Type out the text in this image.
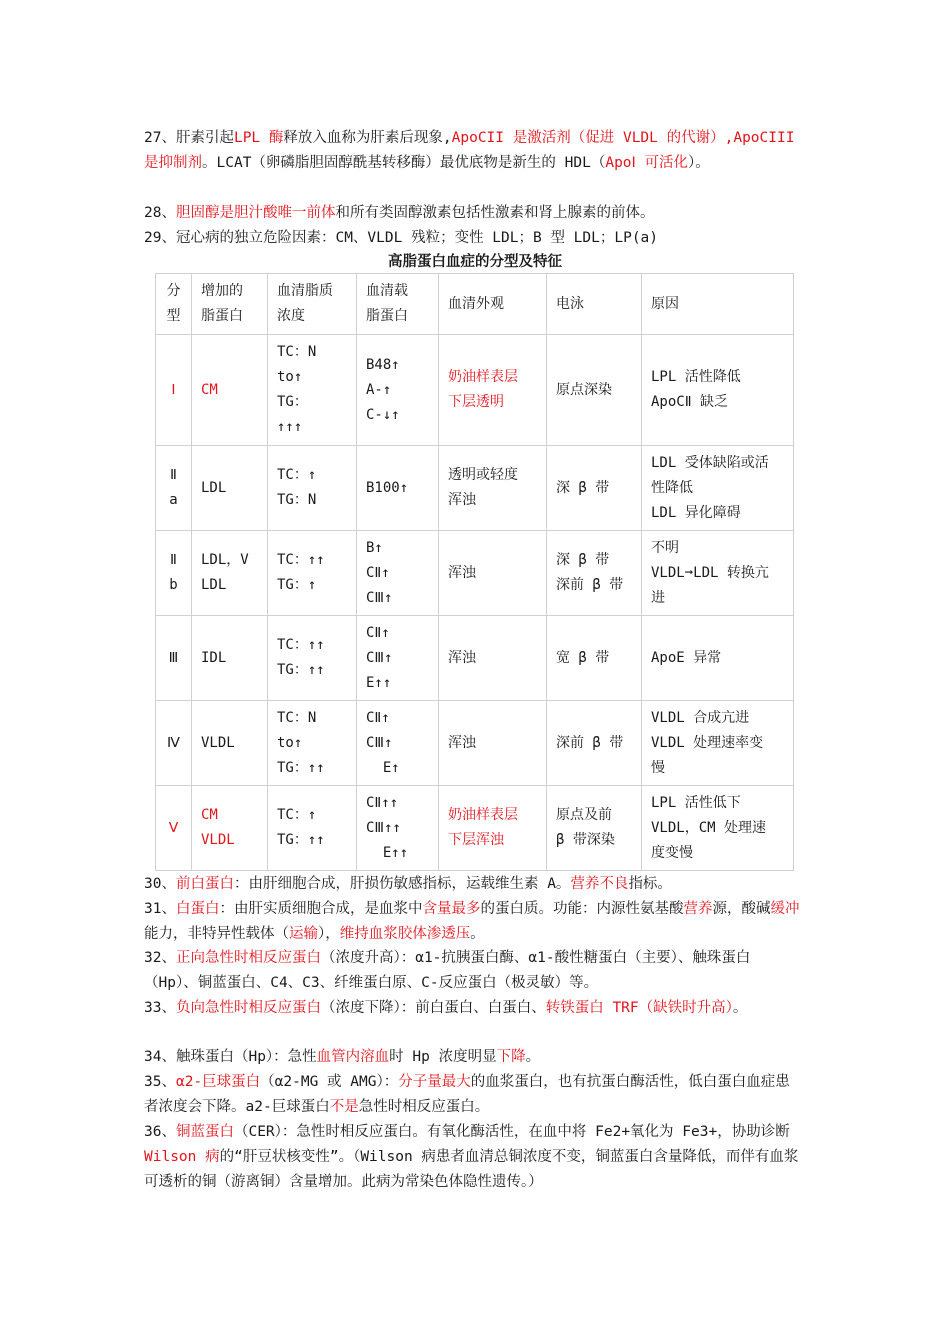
27、肝素引起LPL 酶释放入血称为肝素后现象,ApoCII 是激活剂（促进 VLDL 的代谢）,ApoCIII 是抑制剂。LCAT（卵磷脂胆固醇酰基转移酶）最优底物是新生的 HDL（ApoⅠ 可活化）。
28、胆固醇是胆汁酸唯一前体和所有类固醇激素包括性激素和肾上腺素的前体。
29、冠心病的独立危险因素：CM、VLDL 残粒；变性 LDL；B 型 LDL；LP(a)
高脂蛋白血症的分型及特征
分
型	增加的
脂蛋白	血清脂质
浓度	血清载
脂蛋白	血清外观	电泳	原因

Ⅰ	CM	TC：N
to↑
TG：
↑↑↑	B48↑
A-↑
C-↓↑	奶油样表层
下层透明	原点深染	LPL 活性降低
ApoCⅡ 缺乏

Ⅱ
a	LDL	TC：↑
TG：N	B100↑	透明或轻度
浑浊	深 β 带	LDL 受体缺陷或活
性降低
LDL 异化障碍

Ⅱ
b	LDL，V
LDL	TC：↑↑
TG：↑	B↑
CⅡ↑
CⅢ↑	浑浊	深 β 带
深前 β 带	不明
VLDL➞LDL 转换亢
进

Ⅲ	IDL	TC：↑↑
TG：↑↑	CⅡ↑
CⅢ↑
E↑↑	浑浊	宽 β 带	ApoE 异常

Ⅳ	VLDL	TC：N
to↑
TG：↑↑	CⅡ↑
CⅢ↑
E↑	浑浊	深前 β 带	VLDL 合成亢进
VLDL 处理速率变
慢

Ⅴ	CM
VLDL	TC：↑
TG：↑↑	CⅡ↑↑
CⅢ↑↑
E↑↑	奶油样表层
下层浑浊	原点及前
β 带深染	LPL 活性低下
VLDL，CM 处理速
度变慢
30、前白蛋白：由肝细胞合成，肝损伤敏感指标，运载维生素 A。营养不良指标。
31、白蛋白：由肝实质细胞合成，是血浆中含量最多的蛋白质。功能：内源性氨基酸营养源，酸碱缓冲能力，非特异性载体（运输），维持血浆胶体渗透压。
32、正向急性时相反应蛋白（浓度升高）：α1-抗胰蛋白酶、α1-酸性糖蛋白（主要）、触珠蛋白（Hp）、铜蓝蛋白、C4、C3、纤维蛋白原、C-反应蛋白（极灵敏）等。
33、负向急性时相反应蛋白（浓度下降）：前白蛋白、白蛋白、转铁蛋白 TRF（缺铁时升高）。
34、触珠蛋白（Hp）：急性血管内溶血时 Hp 浓度明显下降。
35、α2-巨球蛋白（α2-MG 或 AMG）：分子量最大的血浆蛋白，也有抗蛋白酶活性，低白蛋白血症患者浓度会下降。a2-巨球蛋白不是急性时相反应蛋白。
36、铜蓝蛋白（CER）：急性时相反应蛋白。有氧化酶活性，在血中将 Fe2+氧化为 Fe3+，协助诊断Wilson 病的“肝豆状核变性”。（Wilson 病患者血清总铜浓度不变，铜蓝蛋白含量降低，而伴有血浆可透析的铜（游离铜）含量增加。此病为常染色体隐性遗传。）
